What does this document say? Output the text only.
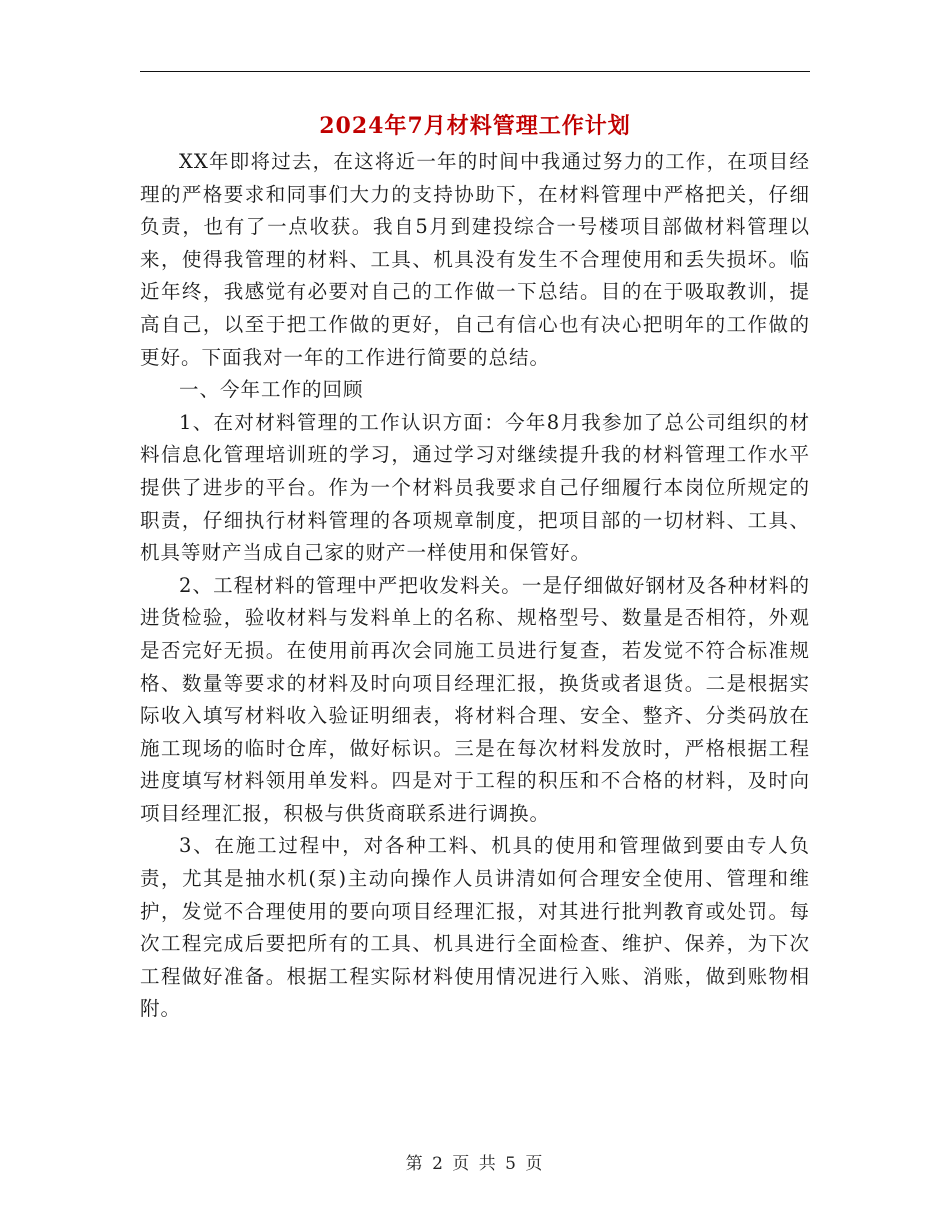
2024年7月材料管理工作计划

XX年即将过去，在这将近一年的时间中我通过努力的工作，在项目经理的严格要求和同事们大力的支持协助下，在材料管理中严格把关，仔细负责，也有了一点收获。我自5月到建投综合一号楼项目部做材料管理以来，使得我管理的材料、工具、机具没有发生不合理使用和丢失损坏。临近年终，我感觉有必要对自己的工作做一下总结。目的在于吸取教训，提高自己，以至于把工作做的更好，自己有信心也有决心把明年的工作做的更好。下面我对一年的工作进行简要的总结。

一、今年工作的回顾

1、在对材料管理的工作认识方面：今年8月我参加了总公司组织的材料信息化管理培训班的学习，通过学习对继续提升我的材料管理工作水平提供了进步的平台。作为一个材料员我要求自己仔细履行本岗位所规定的职责，仔细执行材料管理的各项规章制度，把项目部的一切材料、工具、机具等财产当成自己家的财产一样使用和保管好。

2、工程材料的管理中严把收发料关。一是仔细做好钢材及各种材料的进货检验，验收材料与发料单上的名称、规格型号、数量是否相符，外观是否完好无损。在使用前再次会同施工员进行复查，若发觉不符合标准规格、数量等要求的材料及时向项目经理汇报，换货或者退货。二是根据实际收入填写材料收入验证明细表，将材料合理、安全、整齐、分类码放在施工现场的临时仓库，做好标识。三是在每次材料发放时，严格根据工程进度填写材料领用单发料。四是对于工程的积压和不合格的材料，及时向项目经理汇报，积极与供货商联系进行调换。

3、在施工过程中，对各种工料、机具的使用和管理做到要由专人负责，尤其是抽水机(泵)主动向操作人员讲清如何合理安全使用、管理和维护，发觉不合理使用的要向项目经理汇报，对其进行批判教育或处罚。每次工程完成后要把所有的工具、机具进行全面检查、维护、保养，为下次工程做好准备。根据工程实际材料使用情况进行入账、消账，做到账物相附。

第 2 页 共 5 页
